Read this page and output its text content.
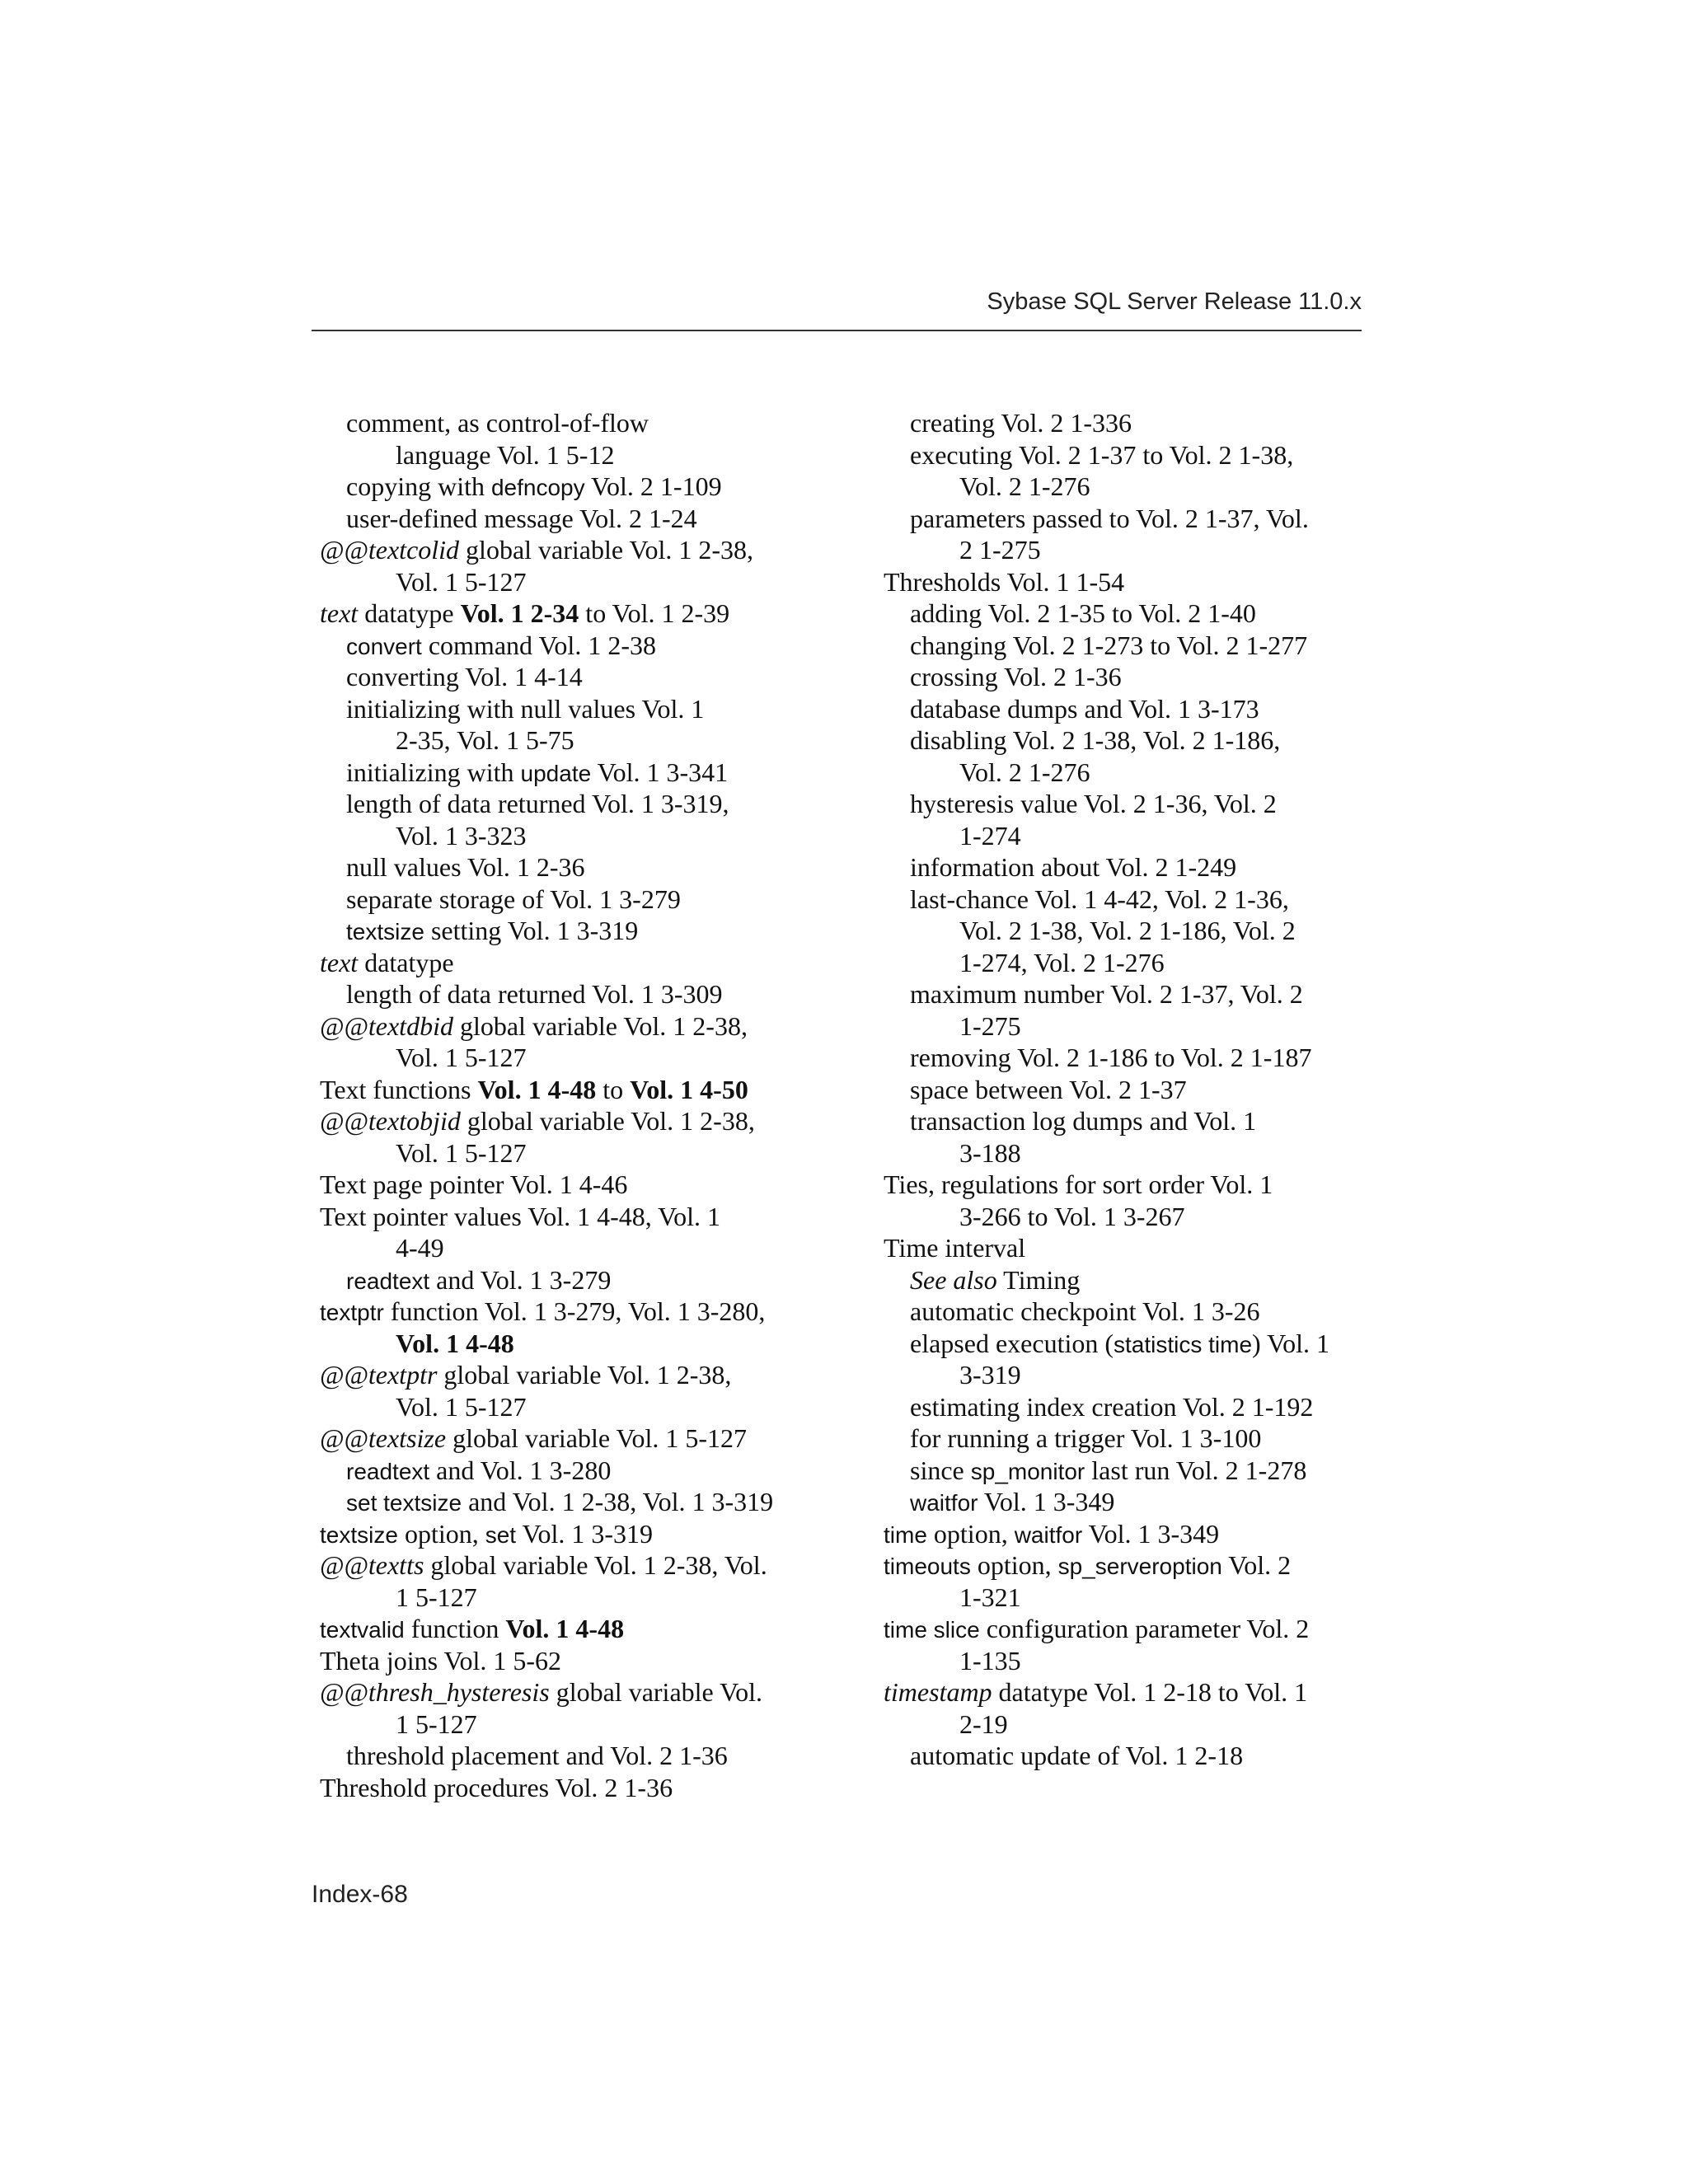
Sybase SQL Server Release 11.0.x
comment, as control-of-flow
language Vol. 1 5-12
copying with defncopy Vol. 2 1-109
user-defined message Vol. 2 1-24
@@textcolid global variable Vol. 1 2-38,
Vol. 1 5-127
text datatype Vol. 1 2-34 to Vol. 1 2-39
convert command Vol. 1 2-38
converting Vol. 1 4-14
initializing with null values Vol. 1
2-35, Vol. 1 5-75
initializing with update Vol. 1 3-341
length of data returned Vol. 1 3-319,
Vol. 1 3-323
null values Vol. 1 2-36
separate storage of Vol. 1 3-279
textsize setting Vol. 1 3-319
text datatype
length of data returned Vol. 1 3-309
@@textdbid global variable Vol. 1 2-38,
Vol. 1 5-127
Text functions Vol. 1 4-48 to Vol. 1 4-50
@@textobjid global variable Vol. 1 2-38,
Vol. 1 5-127
Text page pointer Vol. 1 4-46
Text pointer values Vol. 1 4-48, Vol. 1
4-49
readtext and Vol. 1 3-279
textptr function Vol. 1 3-279, Vol. 1 3-280,
Vol. 1 4-48
@@textptr global variable Vol. 1 2-38,
Vol. 1 5-127
@@textsize global variable Vol. 1 5-127
readtext and Vol. 1 3-280
set textsize and Vol. 1 2-38, Vol. 1 3-319
textsize option, set Vol. 1 3-319
@@textts global variable Vol. 1 2-38, Vol.
1 5-127
textvalid function Vol. 1 4-48
Theta joins Vol. 1 5-62
@@thresh_hysteresis global variable Vol.
1 5-127
threshold placement and Vol. 2 1-36
Threshold procedures Vol. 2 1-36
creating Vol. 2 1-336
executing Vol. 2 1-37 to Vol. 2 1-38,
Vol. 2 1-276
parameters passed to Vol. 2 1-37, Vol.
2 1-275
Thresholds Vol. 1 1-54
adding Vol. 2 1-35 to Vol. 2 1-40
changing Vol. 2 1-273 to Vol. 2 1-277
crossing Vol. 2 1-36
database dumps and Vol. 1 3-173
disabling Vol. 2 1-38, Vol. 2 1-186,
Vol. 2 1-276
hysteresis value Vol. 2 1-36, Vol. 2
1-274
information about Vol. 2 1-249
last-chance Vol. 1 4-42, Vol. 2 1-36,
Vol. 2 1-38, Vol. 2 1-186, Vol. 2
1-274, Vol. 2 1-276
maximum number Vol. 2 1-37, Vol. 2
1-275
removing Vol. 2 1-186 to Vol. 2 1-187
space between Vol. 2 1-37
transaction log dumps and Vol. 1
3-188
Ties, regulations for sort order Vol. 1
3-266 to Vol. 1 3-267
Time interval
See also Timing
automatic checkpoint Vol. 1 3-26
elapsed execution (statistics time) Vol. 1
3-319
estimating index creation Vol. 2 1-192
for running a trigger Vol. 1 3-100
since sp_monitor last run Vol. 2 1-278
waitfor Vol. 1 3-349
time option, waitfor Vol. 1 3-349
timeouts option, sp_serveroption Vol. 2
1-321
time slice configuration parameter Vol. 2
1-135
timestamp datatype Vol. 1 2-18 to Vol. 1
2-19
automatic update of Vol. 1 2-18
Index-68
